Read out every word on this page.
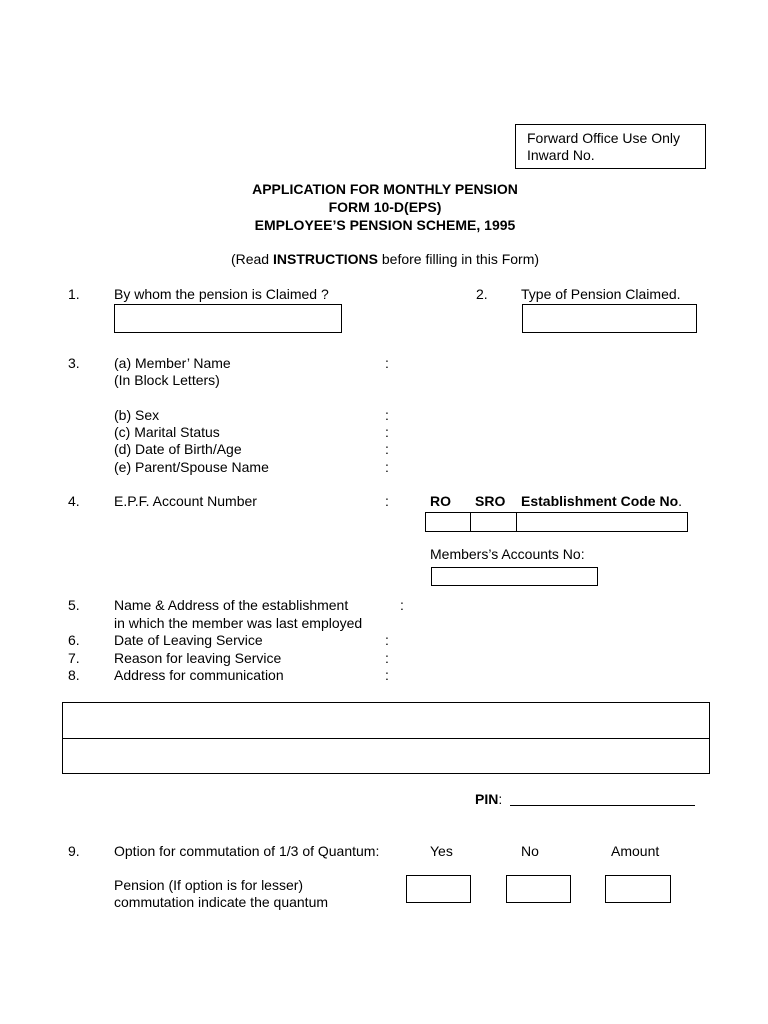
Forward Office Use Only
Inward No.
APPLICATION FOR MONTHLY PENSION
FORM 10-D(EPS)
EMPLOYEE’S PENSION SCHEME, 1995
(Read INSTRUCTIONS before filling in this Form)
1. By whom the pension is Claimed ?	2. Type of Pension Claimed.
3. (a) Member’ Name	:
(In Block Letters)
(b) Sex	:
(c) Marital Status	:
(d) Date of Birth/Age	:
(e) Parent/Spouse Name	:
4. E.P.F. Account Number	:	RO SRO Establishment Code No.
Members’s Accounts No:
5. Name & Address of the establishment	:
in which the member was last employed
6. Date of Leaving Service	:
7. Reason for leaving Service	:
8. Address for communication	:
PIN:
9. Option for commutation of 1/3 of Quantum:	Yes	No	Amount
Pension (If option is for lesser)
commutation indicate the quantum
